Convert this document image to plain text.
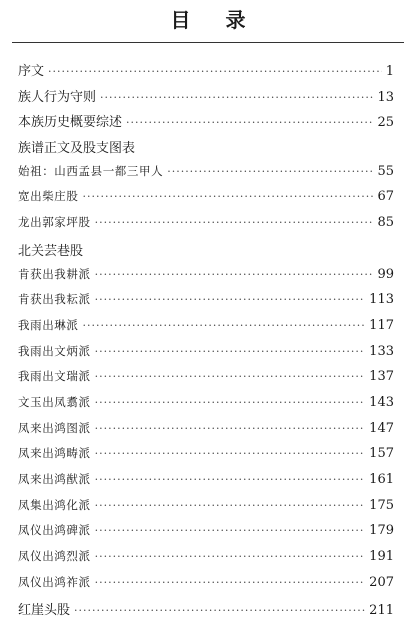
目 录
序文 ·····	1
族人行为守则 ·····	13
本族历史概要综述 ·····	25
族谱正文及股支图表
始祖：山西孟县一都三甲人 ·····	55
宽出柴庄股 ·····	67
龙出郭家坪股 ·····	85
北关芸巷股
肯获出我耕派 ·····	99
肯获出我耘派 ·····	113
我雨出琳派 ·····	117
我雨出文炳派 ·····	133
我雨出文瑞派 ·····	137
文玉出凤翥派 ·····	143
凤来出鸿图派 ·····	147
凤来出鸿畴派 ·····	157
凤来出鸿猷派 ·····	161
凤集出鸿化派 ·····	175
凤仪出鸿碑派 ·····	179
凤仪出鸿烈派 ·····	191
凤仪出鸿祚派 ·····	207
红崖头股 ·····	211
